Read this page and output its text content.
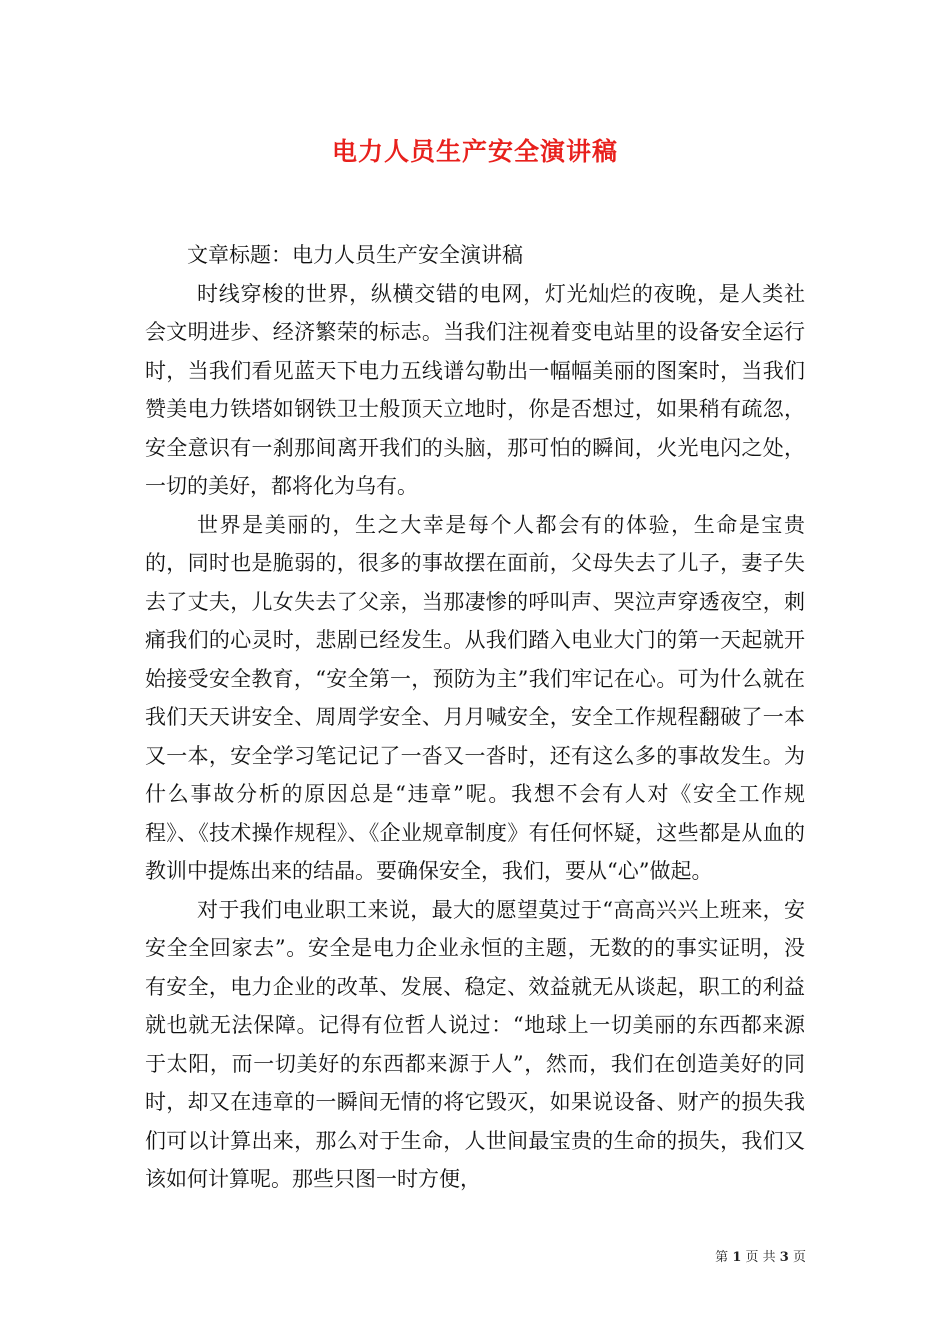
电力人员生产安全演讲稿

文章标题：电力人员生产安全演讲稿

时线穿梭的世界，纵横交错的电网，灯光灿烂的夜晚，是人类社会文明进步、经济繁荣的标志。当我们注视着变电站里的设备安全运行时，当我们看见蓝天下电力五线谱勾勒出一幅幅美丽的图案时，当我们赞美电力铁塔如钢铁卫士般顶天立地时，你是否想过，如果稍有疏忽，安全意识有一刹那间离开我们的头脑，那可怕的瞬间，火光电闪之处，一切的美好，都将化为乌有。

世界是美丽的，生之大幸是每个人都会有的体验，生命是宝贵的，同时也是脆弱的，很多的事故摆在面前，父母失去了儿子，妻子失去了丈夫，儿女失去了父亲，当那凄惨的呼叫声、哭泣声穿透夜空，刺痛我们的心灵时，悲剧已经发生。从我们踏入电业大门的第一天起就开始接受安全教育，“安全第一，预防为主”我们牢记在心。可为什么就在我们天天讲安全、周周学安全、月月喊安全，安全工作规程翻破了一本又一本，安全学习笔记记了一沓又一沓时，还有这么多的事故发生。为什么事故分析的原因总是“违章”呢。我想不会有人对《安全工作规程》、《技术操作规程》、《企业规章制度》有任何怀疑，这些都是从血的教训中提炼出来的结晶。要确保安全，我们，要从“心”做起。

对于我们电业职工来说，最大的愿望莫过于“高高兴兴上班来，安安全全回家去”。安全是电力企业永恒的主题，无数的的事实证明，没有安全，电力企业的改革、发展、稳定、效益就无从谈起，职工的利益就也就无法保障。记得有位哲人说过：“地球上一切美丽的东西都来源于太阳，而一切美好的东西都来源于人”，然而，我们在创造美好的同时，却又在违章的一瞬间无情的将它毁灭，如果说设备、财产的损失我们可以计算出来，那么对于生命，人世间最宝贵的生命的损失，我们又该如何计算呢。那些只图一时方便，

第 1 页 共 3 页
